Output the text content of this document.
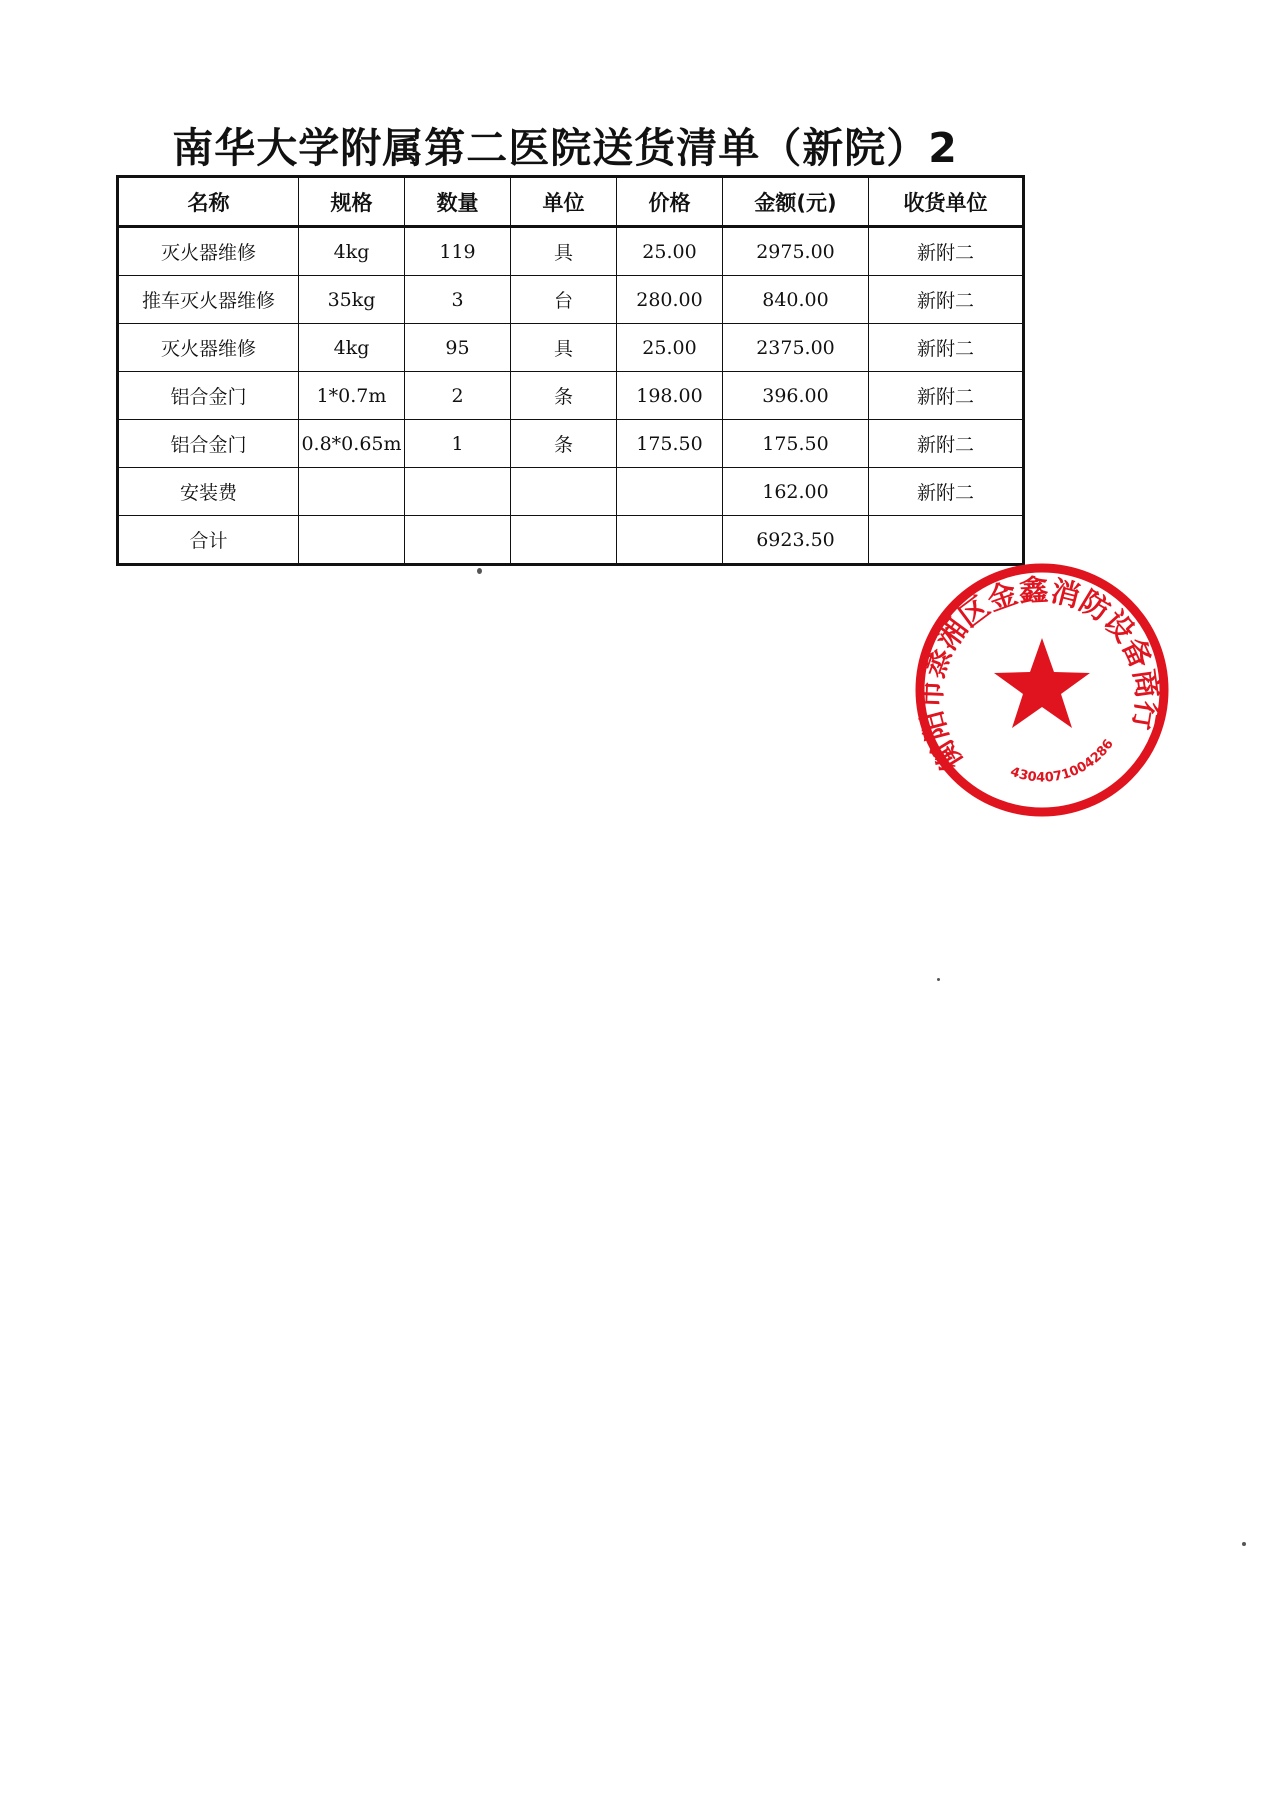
南华大学附属第二医院送货清单（新院）2
名称	规格	数量	单位	价格	金额(元)	收货单位
灭火器维修	4kg	119	具	25.00	2975.00	新附二
推车灭火器维修	35kg	3	台	280.00	840.00	新附二
灭火器维修	4kg	95	具	25.00	2375.00	新附二
铝合金门	1*0.7m	2	条	198.00	396.00	新附二
铝合金门	0.8*0.65m	1	条	175.50	175.50	新附二
安装费					162.00	新附二
合计					6923.50	
衡阳市蒸湘区金鑫消防设备商行
4304071004286
